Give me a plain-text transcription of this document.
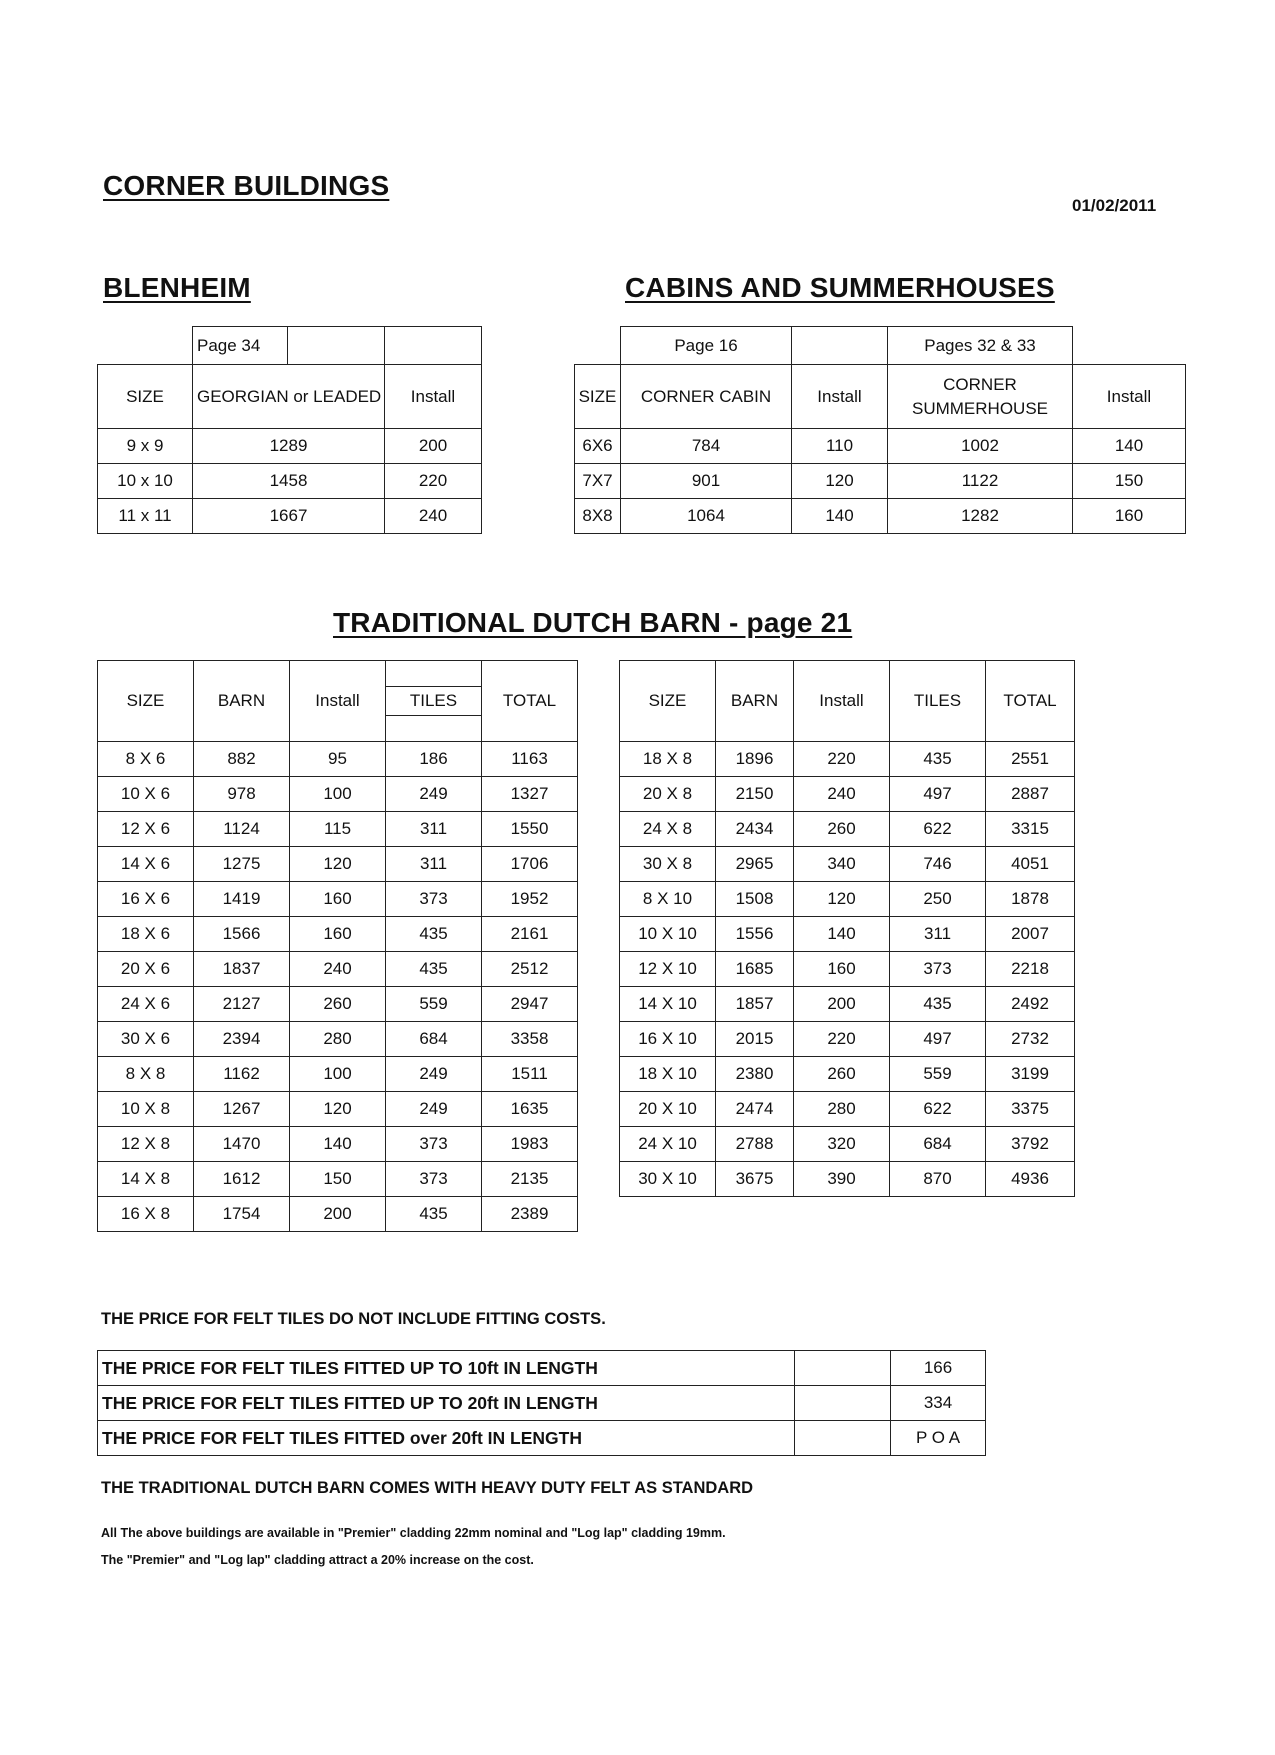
CORNER BUILDINGS
01/02/2011
BLENHEIM	CABINS AND SUMMERHOUSES
	Page 34		
SIZE	GEORGIAN or LEADED		Install
9 x 9	1289		200
10 x 10	1458		220
11 x 11	1667		240
	Page 16		Pages 32 & 33	
SIZE	CORNER CABIN	Install	CORNER SUMMERHOUSE	Install
6X6	784	110	1002	140
7X7	901	120	1122	150
8X8	1064	140	1282	160
TRADITIONAL DUTCH BARN - page 21
SIZE	BARN	Install	TILES	TOTAL
8 X 6	882	95	186	1163
10 X 6	978	100	249	1327
12 X 6	1124	115	311	1550
14 X 6	1275	120	311	1706
16 X 6	1419	160	373	1952
18 X 6	1566	160	435	2161
20 X 6	1837	240	435	2512
24 X 6	2127	260	559	2947
30 X 6	2394	280	684	3358
8 X 8	1162	100	249	1511
10 X 8	1267	120	249	1635
12 X 8	1470	140	373	1983
14 X 8	1612	150	373	2135
16 X 8	1754	200	435	2389
SIZE	BARN	Install	TILES	TOTAL
18 X 8	1896	220	435	2551
20 X 8	2150	240	497	2887
24 X 8	2434	260	622	3315
30 X 8	2965	340	746	4051
8 X 10	1508	120	250	1878
10 X 10	1556	140	311	2007
12 X 10	1685	160	373	2218
14 X 10	1857	200	435	2492
16 X 10	2015	220	497	2732
18 X 10	2380	260	559	3199
20 X 10	2474	280	622	3375
24 X 10	2788	320	684	3792
30 X 10	3675	390	870	4936
THE PRICE FOR FELT TILES DO NOT INCLUDE FITTING COSTS.
THE PRICE FOR FELT TILES FITTED UP TO 10ft IN LENGTH		166
THE PRICE FOR FELT TILES FITTED UP TO 20ft IN LENGTH		334
THE PRICE FOR FELT TILES FITTED over 20ft IN LENGTH		P O A
THE TRADITIONAL DUTCH BARN COMES WITH HEAVY DUTY FELT AS STANDARD
All The above buildings are available in "Premier" cladding 22mm nominal and "Log lap" cladding 19mm.
The "Premier" and "Log lap" cladding attract a 20% increase on the cost.
